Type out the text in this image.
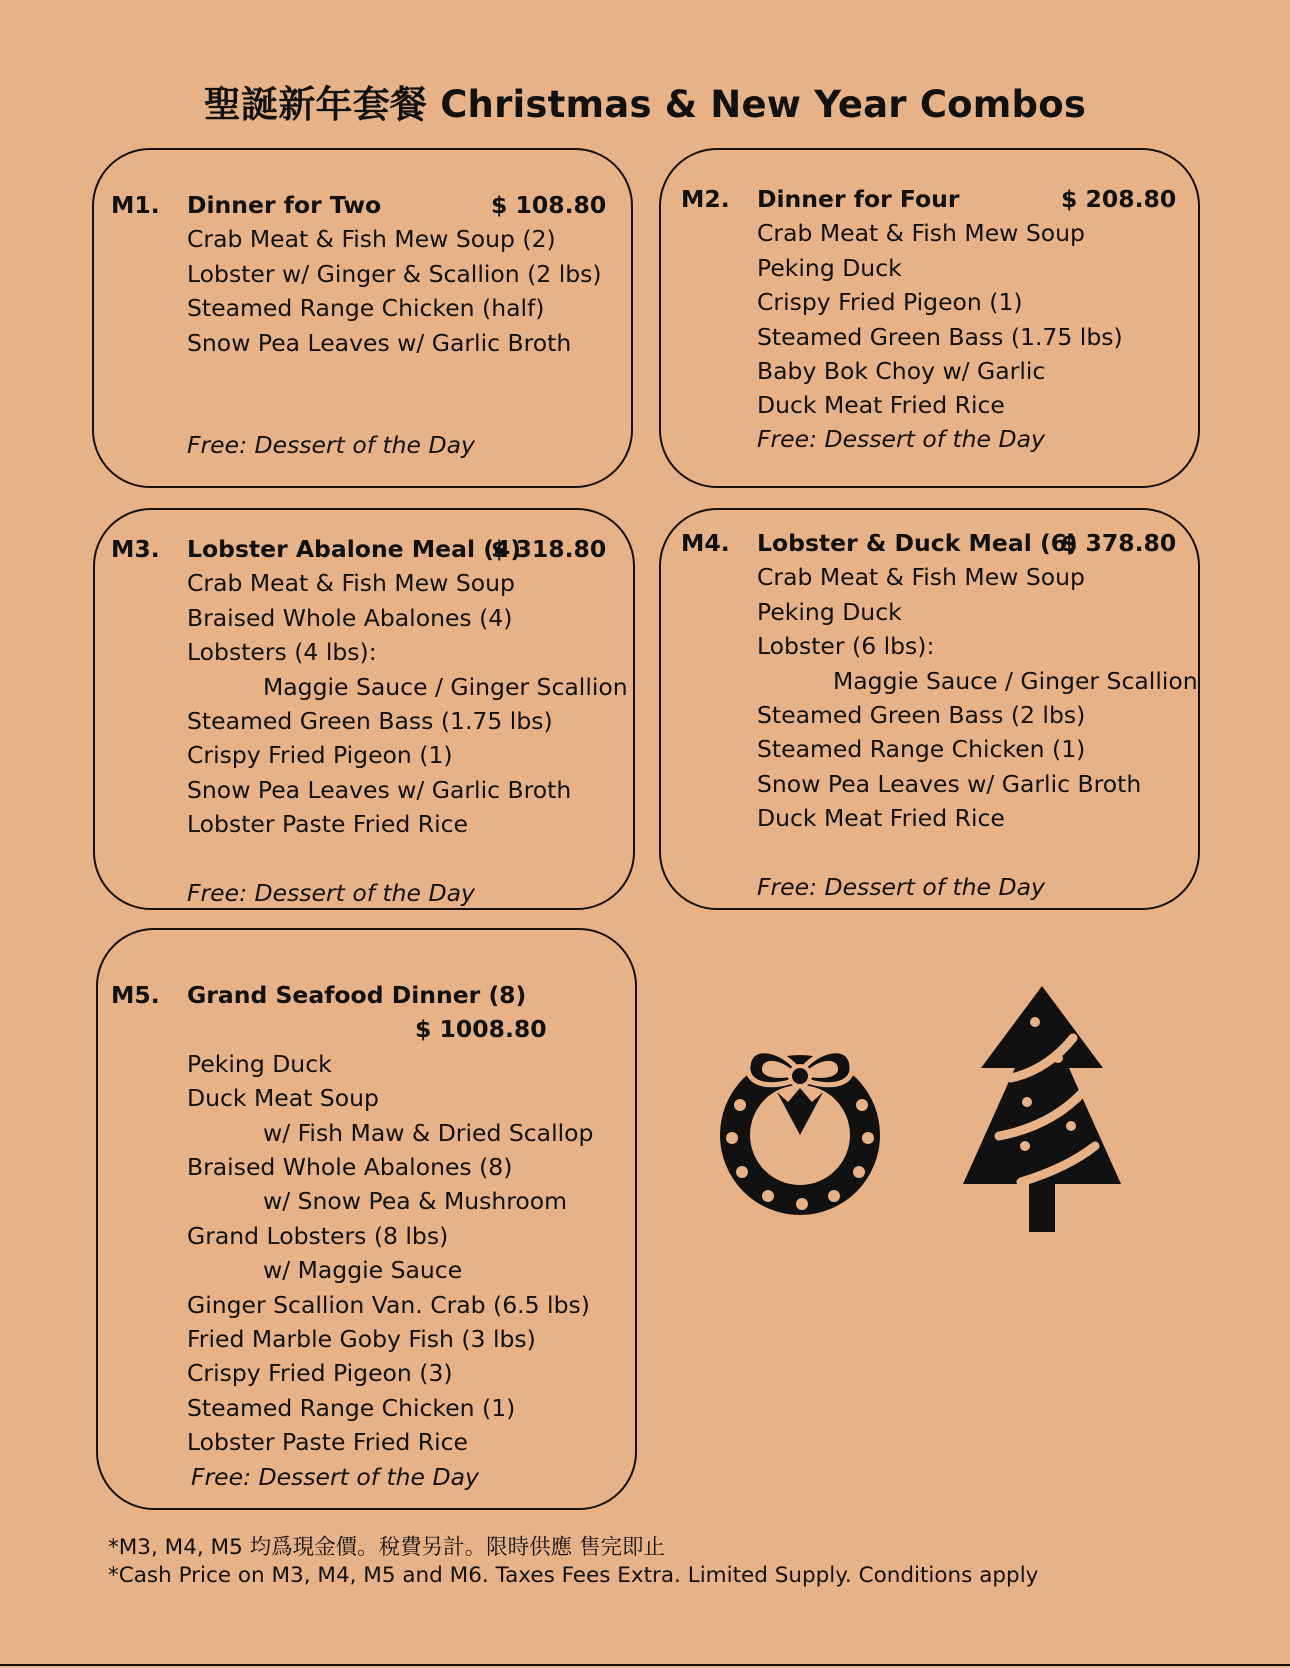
聖誕新年套餐 Christmas & New Year Combos
M1. Dinner for Two	$ 108.80
Crab Meat & Fish Mew Soup (2)
Lobster w/ Ginger & Scallion (2 lbs)
Steamed Range Chicken (half)
Snow Pea Leaves w/ Garlic Broth
Free: Dessert of the Day
M2. Dinner for Four	$ 208.80
Crab Meat & Fish Mew Soup
Peking Duck
Crispy Fried Pigeon (1)
Steamed Green Bass (1.75 lbs)
Baby Bok Choy w/ Garlic
Duck Meat Fried Rice
Free: Dessert of the Day
M3. Lobster Abalone Meal (4)
$ 318.80
Crab Meat & Fish Mew Soup
Braised Whole Abalones (4)
Lobsters (4 lbs):
Maggie Sauce / Ginger Scallion
Steamed Green Bass (1.75 lbs)
Crispy Fried Pigeon (1)
Snow Pea Leaves w/ Garlic Broth
Lobster Paste Fried Rice
Free: Dessert of the Day
M4. Lobster & Duck Meal (6)
$ 378.80
Crab Meat & Fish Mew Soup
Peking Duck
Lobster (6 lbs):
Maggie Sauce / Ginger Scallion
Steamed Green Bass (2 lbs)
Steamed Range Chicken (1)
Snow Pea Leaves w/ Garlic Broth
Duck Meat Fried Rice
Free: Dessert of the Day
M5. Grand Seafood Dinner (8)
$ 1008.80
Peking Duck
Duck Meat Soup
w/ Fish Maw & Dried Scallop
Braised Whole Abalones (8)
w/ Snow Pea & Mushroom
Grand Lobsters (8 lbs)
w/ Maggie Sauce
Ginger Scallion Van. Crab (6.5 lbs)
Fried Marble Goby Fish (3 lbs)
Crispy Fried Pigeon (3)
Steamed Range Chicken (1)
Lobster Paste Fried Rice
Free: Dessert of the Day
*M3, M4, M5 均爲現金價。稅費另計。限時供應 售完即止
*Cash Price on M3, M4, M5 and M6. Taxes Fees Extra. Limited Supply. Conditions apply
